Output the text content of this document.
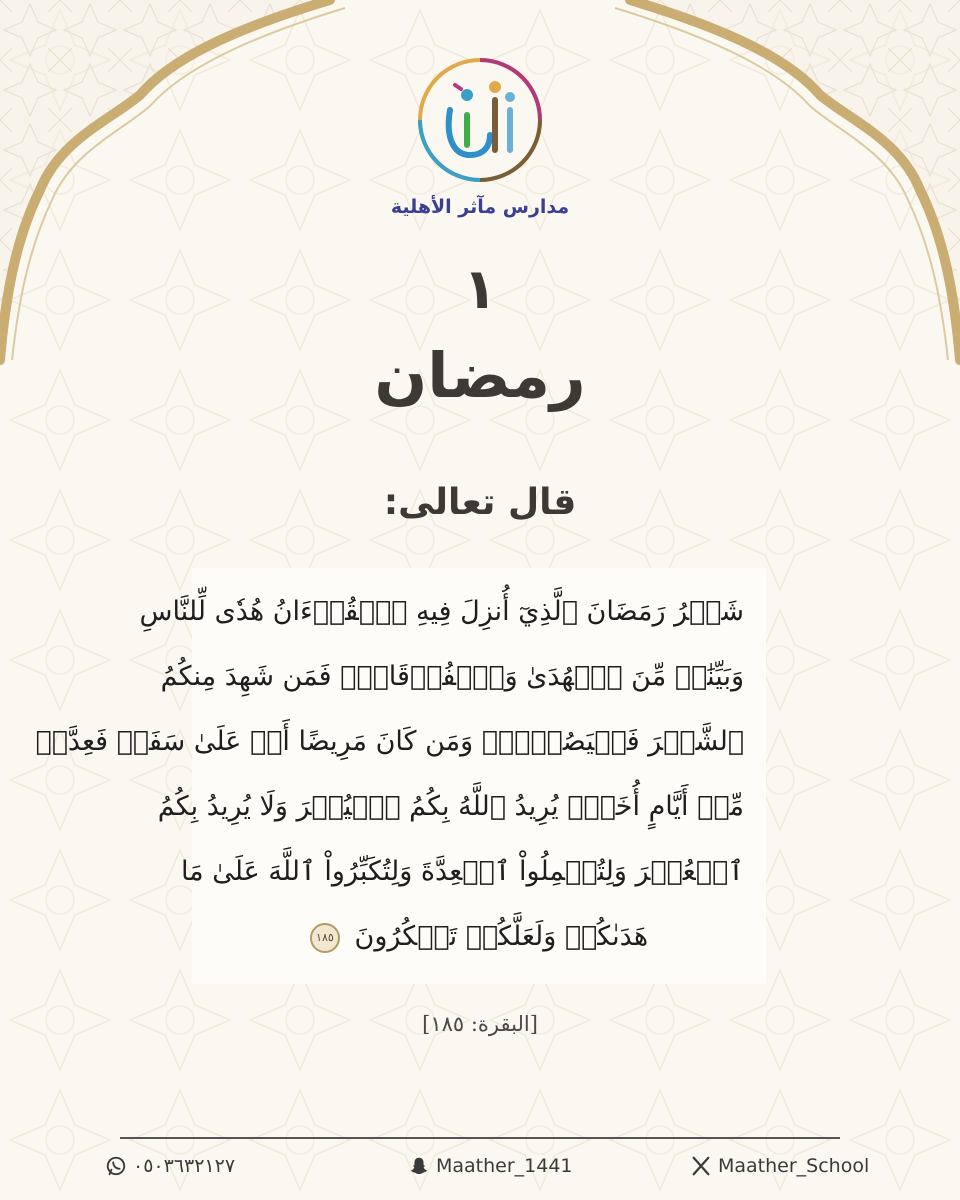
مدارس مآثر الأهلية
١
رمضان
قال تعالى:
شَهۡرُ رَمَضَانَ ٱلَّذِيٓ أُنزِلَ فِيهِ ٱلۡقُرۡءَانُ هُدٗى لِّلنَّاسِ
وَبَيِّنَٰتٖ مِّنَ ٱلۡهُدَىٰ وَٱلۡفُرۡقَانِۚ فَمَن شَهِدَ مِنكُمُ
ٱلشَّهۡرَ فَلۡيَصُمۡهُۖ وَمَن كَانَ مَرِيضًا أَوۡ عَلَىٰ سَفَرٖ فَعِدَّةٞ
مِّنۡ أَيَّامٍ أُخَرَۗ يُرِيدُ ٱللَّهُ بِكُمُ ٱلۡيُسۡرَ وَلَا يُرِيدُ بِكُمُ
ٱلۡعُسۡرَ وَلِتُكۡمِلُواْ ٱلۡعِدَّةَ وَلِتُكَبِّرُواْ ٱللَّهَ عَلَىٰ مَا
هَدَىٰكُمۡ وَلَعَلَّكُمۡ تَشۡكُرُونَ ١٨٥
[البقرة: ١٨٥]
٠٥٠٣٦٣٢١٢٧	Maather_1441	Maather_School
